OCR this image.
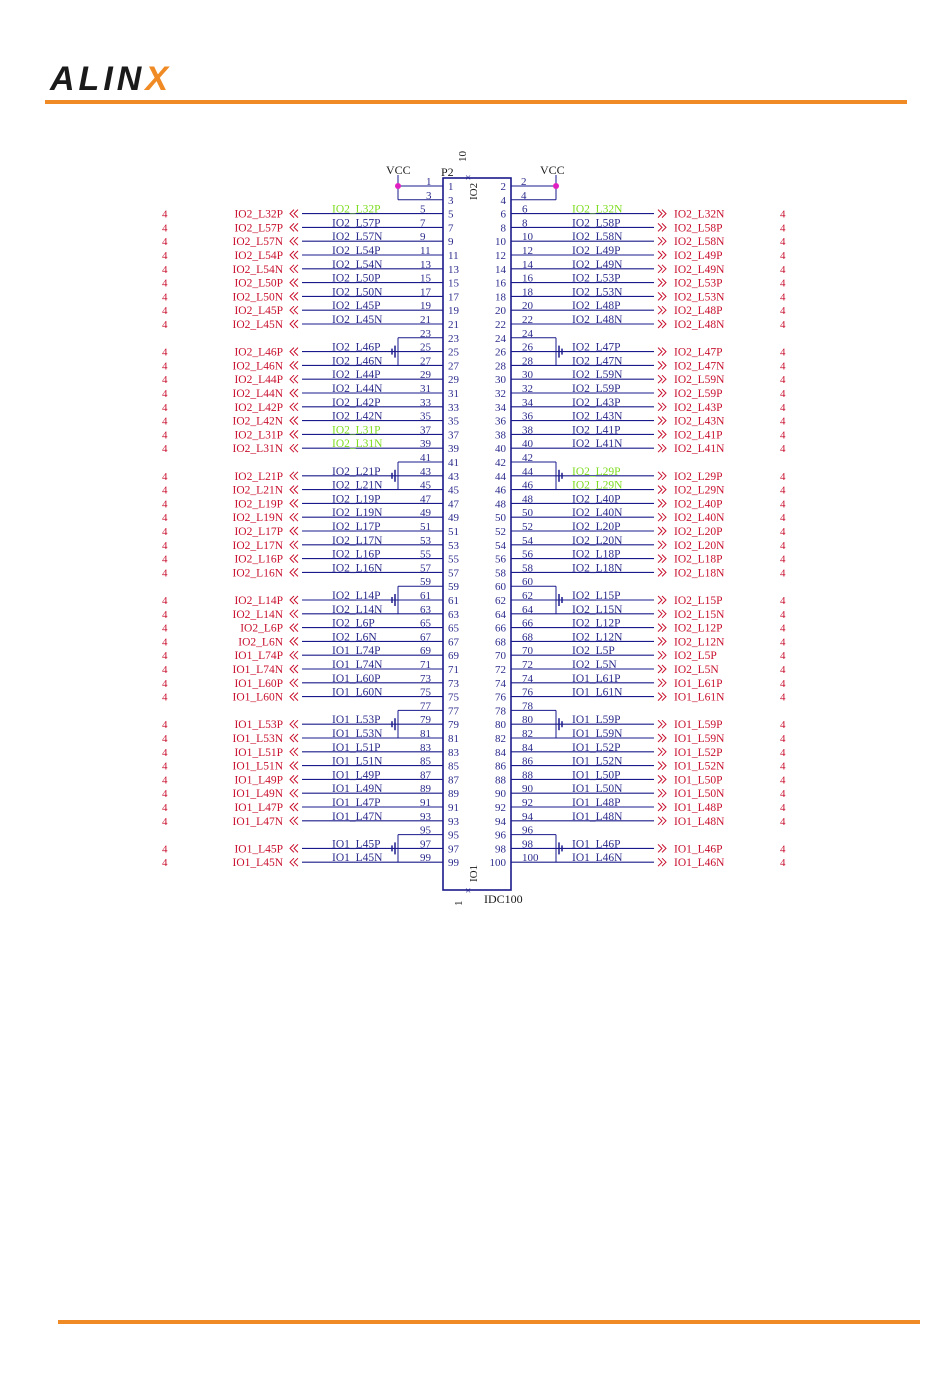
ALINX
P2
10
×
IO2
×
IO1
1 IDC100
VCC	VCC
1
1
3
3
5
5
IO2_L32P
IO2_L32P
4
7
7
IO2_L57P
IO2_L57P
4
9
9
IO2_L57N
IO2_L57N
4
11
11
IO2_L54P
IO2_L54P
4
13
13
IO2_L54N
IO2_L54N
4
15
15
IO2_L50P
IO2_L50P
4
17
17
IO2_L50N
IO2_L50N
4
19
19
IO2_L45P
IO2_L45P
4
21
21
IO2_L45N
IO2_L45N
4
23
23
25
25
IO2_L46P
IO2_L46P
4
27
27
IO2_L46N
IO2_L46N
4
29
29
IO2_L44P
IO2_L44P
4
31
31
IO2_L44N
IO2_L44N
4
33
33
IO2_L42P
IO2_L42P
4
35
35
IO2_L42N
IO2_L42N
4
37
37
IO2_L31P
IO2_L31P
4
39
39
IO2_L31N
IO2_L31N
4
41
41
43
43
IO2_L21P
IO2_L21P
4
45
45
IO2_L21N
IO2_L21N
4
47
47
IO2_L19P
IO2_L19P
4
49
49
IO2_L19N
IO2_L19N
4
51
51
IO2_L17P
IO2_L17P
4
53
53
IO2_L17N
IO2_L17N
4
55
55
IO2_L16P
IO2_L16P
4
57
57
IO2_L16N
IO2_L16N
4
59
59
61
61
IO2_L14P
IO2_L14P
4
63
63
IO2_L14N
IO2_L14N
4
65
65
IO2_L6P
IO2_L6P
4
67
67
IO2_L6N
IO2_L6N
4
69
69
IO1_L74P
IO1_L74P
4
71
71
IO1_L74N
IO1_L74N
4
73
73
IO1_L60P
IO1_L60P
4
75
75
IO1_L60N
IO1_L60N
4
77
77
79
79
IO1_L53P
IO1_L53P
4
81
81
IO1_L53N
IO1_L53N
4
83
83
IO1_L51P
IO1_L51P
4
85
85
IO1_L51N
IO1_L51N
4
87
87
IO1_L49P
IO1_L49P
4
89
89
IO1_L49N
IO1_L49N
4
91
91
IO1_L47P
IO1_L47P
4
93
93
IO1_L47N
IO1_L47N
4
95
95
97
97
IO1_L45P
IO1_L45P
4
99
99
IO1_L45N
IO1_L45N
4
2 2
4 4
6 6	IO2_L32N	IO2_L32N	4
8 8	IO2_L58P	IO2_L58P	4
10 10	IO2_L58N	IO2_L58N	4
12 12	IO2_L49P	IO2_L49P	4
14 14	IO2_L49N	IO2_L49N	4
16 16	IO2_L53P	IO2_L53P	4
18 18	IO2_L53N	IO2_L53N	4
20 20	IO2_L48P	IO2_L48P	4
22 22	IO2_L48N	IO2_L48N	4
24 24
26 26	IO2_L47P	IO2_L47P	4
28 28	IO2_L47N	IO2_L47N	4
30 30	IO2_L59N	IO2_L59N	4
32 32	IO2_L59P	IO2_L59P	4
34 34	IO2_L43P	IO2_L43P	4
36 36	IO2_L43N	IO2_L43N	4
38 38	IO2_L41P	IO2_L41P	4
40 40	IO2_L41N	IO2_L41N	4
42 42
44 44	IO2_L29P	IO2_L29P	4
46 46	IO2_L29N	IO2_L29N	4
48 48	IO2_L40P	IO2_L40P	4
50 50	IO2_L40N	IO2_L40N	4
52 52	IO2_L20P	IO2_L20P	4
54 54	IO2_L20N	IO2_L20N	4
56 56	IO2_L18P	IO2_L18P	4
58 58	IO2_L18N	IO2_L18N	4
60 60
62 62	IO2_L15P	IO2_L15P	4
64 64	IO2_L15N	IO2_L15N	4
66 66	IO2_L12P	IO2_L12P	4
68 68	IO2_L12N	IO2_L12N	4
70 70	IO2_L5P	IO2_L5P	4
72 72	IO2_L5N	IO2_L5N	4
74 74	IO1_L61P	IO1_L61P	4
76 76	IO1_L61N	IO1_L61N	4
78 78
80 80	IO1_L59P	IO1_L59P	4
82 82	IO1_L59N	IO1_L59N	4
84 84	IO1_L52P	IO1_L52P	4
86 86	IO1_L52N	IO1_L52N	4
88 88	IO1_L50P	IO1_L50P	4
90 90	IO1_L50N	IO1_L50N	4
92 92	IO1_L48P	IO1_L48P	4
94 94	IO1_L48N	IO1_L48N	4
96 96
98 98	IO1_L46P	IO1_L46P	4
100 100	IO1_L46N	IO1_L46N	4
